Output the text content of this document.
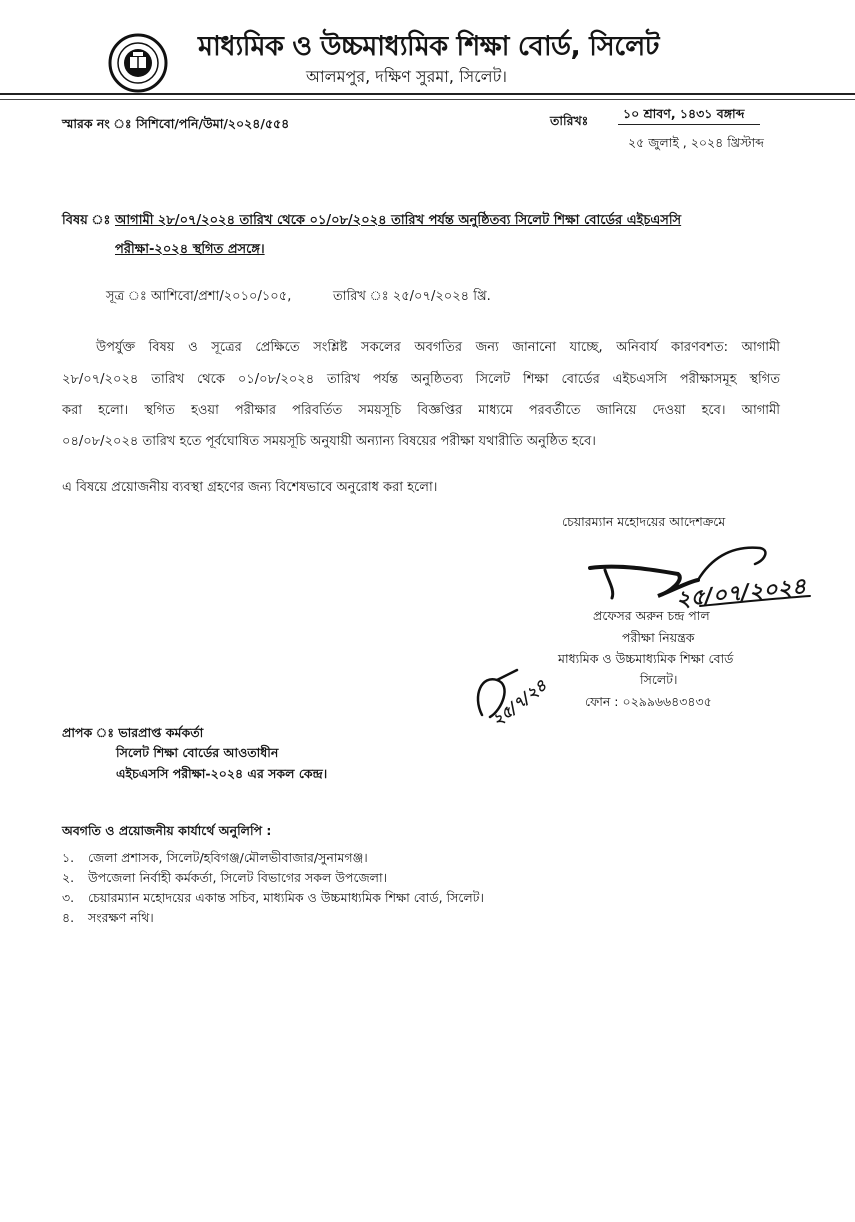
মাধ্যমিক ও উচ্চমাধ্যমিক শিক্ষা বোর্ড, সিলেট
আলমপুর, দক্ষিণ সুরমা, সিলেট।
স্মারক নং ঃ সিশিবো/পনি/উমা/২০২৪/৫৫৪	তারিখঃ	১০ শ্রাবণ, ১৪৩১ বঙ্গাব্দ
২৫ জুলাই , ২০২৪ খ্রিস্টাব্দ
বিষয় ঃ আগামী ২৮/০৭/২০২৪ তারিখ থেকে ০১/০৮/২০২৪ তারিখ পর্যন্ত অনুষ্ঠিতব্য সিলেট শিক্ষা বোর্ডের এইচএসসি
পরীক্ষা-২০২৪ স্থগিত প্রসঙ্গে।
সূত্র ঃ আশিবো/প্রশা/২০১০/১০৫,	তারিখ ঃ ২৫/০৭/২০২৪ খ্রি.
উপর্যুক্ত বিষয় ও সূত্রের প্রেক্ষিতে সংশ্লিষ্ট সকলের অবগতির জন্য জানানো যাচ্ছে, অনিবার্য কারণবশত: আগামী
২৮/০৭/২০২৪ তারিখ থেকে ০১/০৮/২০২৪ তারিখ পর্যন্ত অনুষ্ঠিতব্য সিলেট শিক্ষা বোর্ডের এইচএসসি পরীক্ষাসমূহ স্থগিত
করা হলো। স্থগিত হওয়া পরীক্ষার পরিবর্তিত সময়সূচি বিজ্ঞপ্তির মাধ্যমে পরবর্তীতে জানিয়ে দেওয়া হবে। আগামী
০৪/০৮/২০২৪ তারিখ হতে পূর্বঘোষিত সময়সূচি অনুযায়ী অন্যান্য বিষয়ের পরীক্ষা যথারীতি অনুষ্ঠিত হবে।
এ বিষয়ে প্রয়োজনীয় ব্যবস্থা গ্রহণের জন্য বিশেষভাবে অনুরোধ করা হলো।
চেয়ারম্যান মহোদয়ের আদেশক্রমে
২৫/০৭/২০২৪
প্রফেসর অরুন চন্দ্র পাল
পরীক্ষা নিয়ন্ত্রক
মাধ্যমিক ও উচ্চমাধ্যমিক শিক্ষা বোর্ড
সিলেট।
ফোন : ০২৯৯৬৬৪৩৪৩৫
২৫/৭/২৪
প্রাপক ঃ ভারপ্রাপ্ত কর্মকর্তা
সিলেট শিক্ষা বোর্ডের আওতাধীন
এইচএসসি পরীক্ষা-২০২৪ এর সকল কেন্দ্র।
অবগতি ও প্রয়োজনীয় কার্যার্থে অনুলিপি :
১. জেলা প্রশাসক, সিলেট/হবিগঞ্জ/মৌলভীবাজার/সুনামগঞ্জ।
২. উপজেলা নির্বাহী কর্মকর্তা, সিলেট বিভাগের সকল উপজেলা।
৩. চেয়ারম্যান মহোদয়ের একান্ত সচিব, মাধ্যমিক ও উচ্চমাধ্যমিক শিক্ষা বোর্ড, সিলেট।
৪. সংরক্ষণ নথি।
